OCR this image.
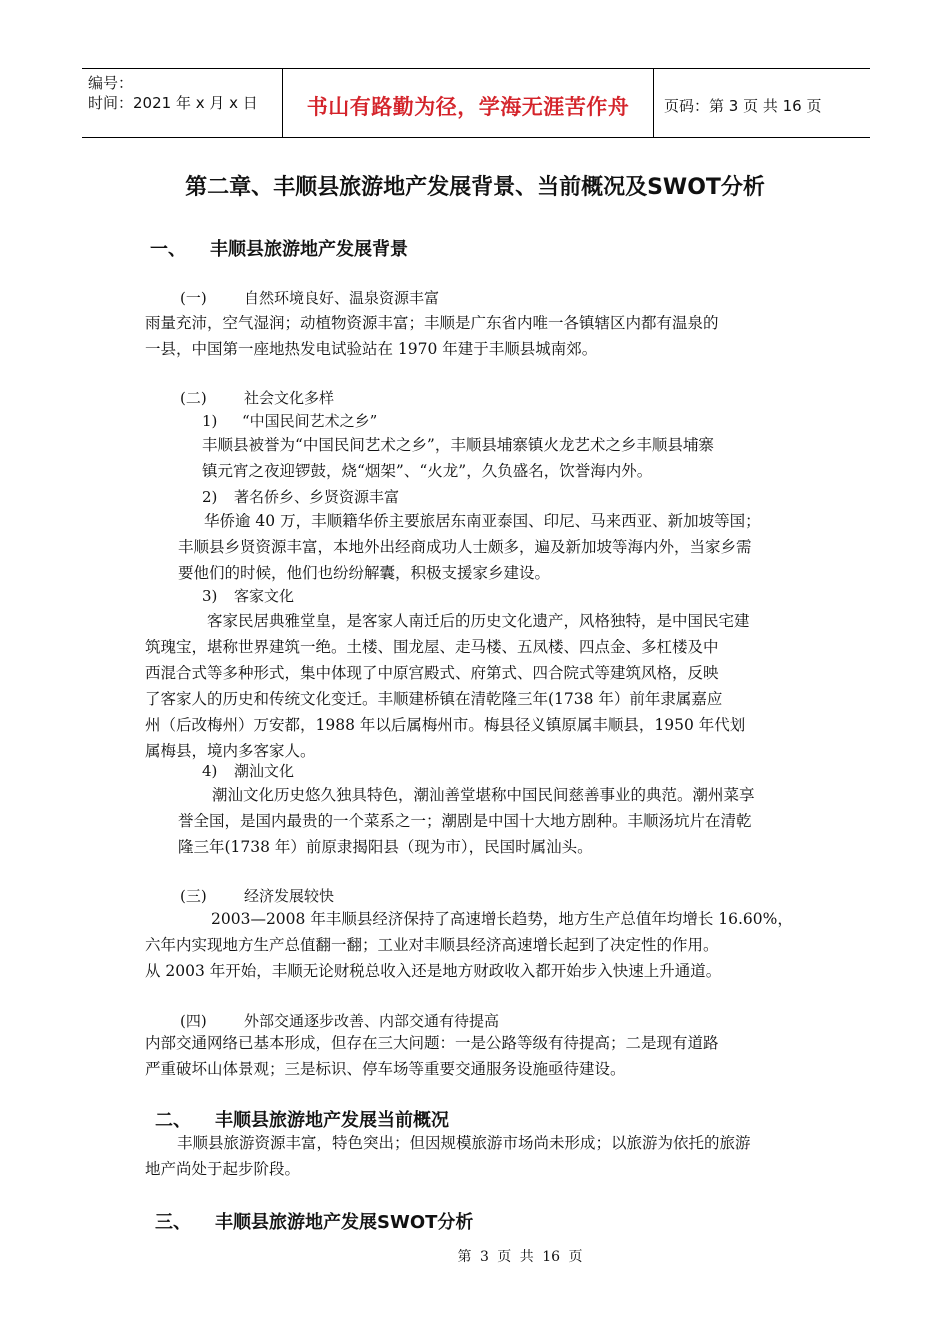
编号：
时间：2021 年 x 月 x 日	书山有路勤为径，学海无涯苦作舟 页码：第 3 页 共 16 页
第二章、丰顺县旅游地产发展背景、当前概况及SWOT分析
一、 丰顺县旅游地产发展背景
(一) 自然环境良好、温泉资源丰富
雨量充沛，空气湿润；动植物资源丰富；丰顺是广东省内唯一各镇辖区内都有温泉的
一县，中国第一座地热发电试验站在 1970 年建于丰顺县城南郊。
(二) 社会文化多样
1) “中国民间艺术之乡”
丰顺县被誉为“中国民间艺术之乡”，丰顺县埔寨镇火龙艺术之乡丰顺县埔寨
镇元宵之夜迎锣鼓，烧“烟架”、“火龙”，久负盛名，饮誉海内外。
2) 著名侨乡、乡贤资源丰富
华侨逾 40 万，丰顺籍华侨主要旅居东南亚泰国、印尼、马来西亚、新加坡等国；
丰顺县乡贤资源丰富，本地外出经商成功人士颇多，遍及新加坡等海内外，当家乡需
要他们的时候，他们也纷纷解囊，积极支援家乡建设。
3) 客家文化
客家民居典雅堂皇，是客家人南迁后的历史文化遗产，风格独特，是中国民宅建
筑瑰宝，堪称世界建筑一绝。土楼、围龙屋、走马楼、五凤楼、四点金、多杠楼及中
西混合式等多种形式，集中体现了中原宫殿式、府第式、四合院式等建筑风格，反映
了客家人的历史和传统文化变迁。丰顺建桥镇在清乾隆三年(1738 年）前年隶属嘉应
州（后改梅州）万安都，1988 年以后属梅州市。梅县径义镇原属丰顺县，1950 年代划
属梅县，境内多客家人。
4) 潮汕文化
潮汕文化历史悠久独具特色，潮汕善堂堪称中国民间慈善事业的典范。潮州菜享
誉全国，是国内最贵的一个菜系之一；潮剧是中国十大地方剧种。丰顺汤坑片在清乾
隆三年(1738 年）前原隶揭阳县（现为市），民国时属汕头。
(三) 经济发展较快
2003—2008 年丰顺县经济保持了高速增长趋势，地方生产总值年均增长 16.60%，
六年内实现地方生产总值翻一翻；工业对丰顺县经济高速增长起到了决定性的作用。
从 2003 年开始，丰顺无论财税总收入还是地方财政收入都开始步入快速上升通道。
(四) 外部交通逐步改善、内部交通有待提高
内部交通网络已基本形成，但存在三大问题：一是公路等级有待提高；二是现有道路
严重破坏山体景观；三是标识、停车场等重要交通服务设施亟待建设。
二、 丰顺县旅游地产发展当前概况
丰顺县旅游资源丰富，特色突出；但因规模旅游市场尚未形成；以旅游为依托的旅游
地产尚处于起步阶段。
三、 丰顺县旅游地产发展SWOT分析
第 3 页 共 16 页
